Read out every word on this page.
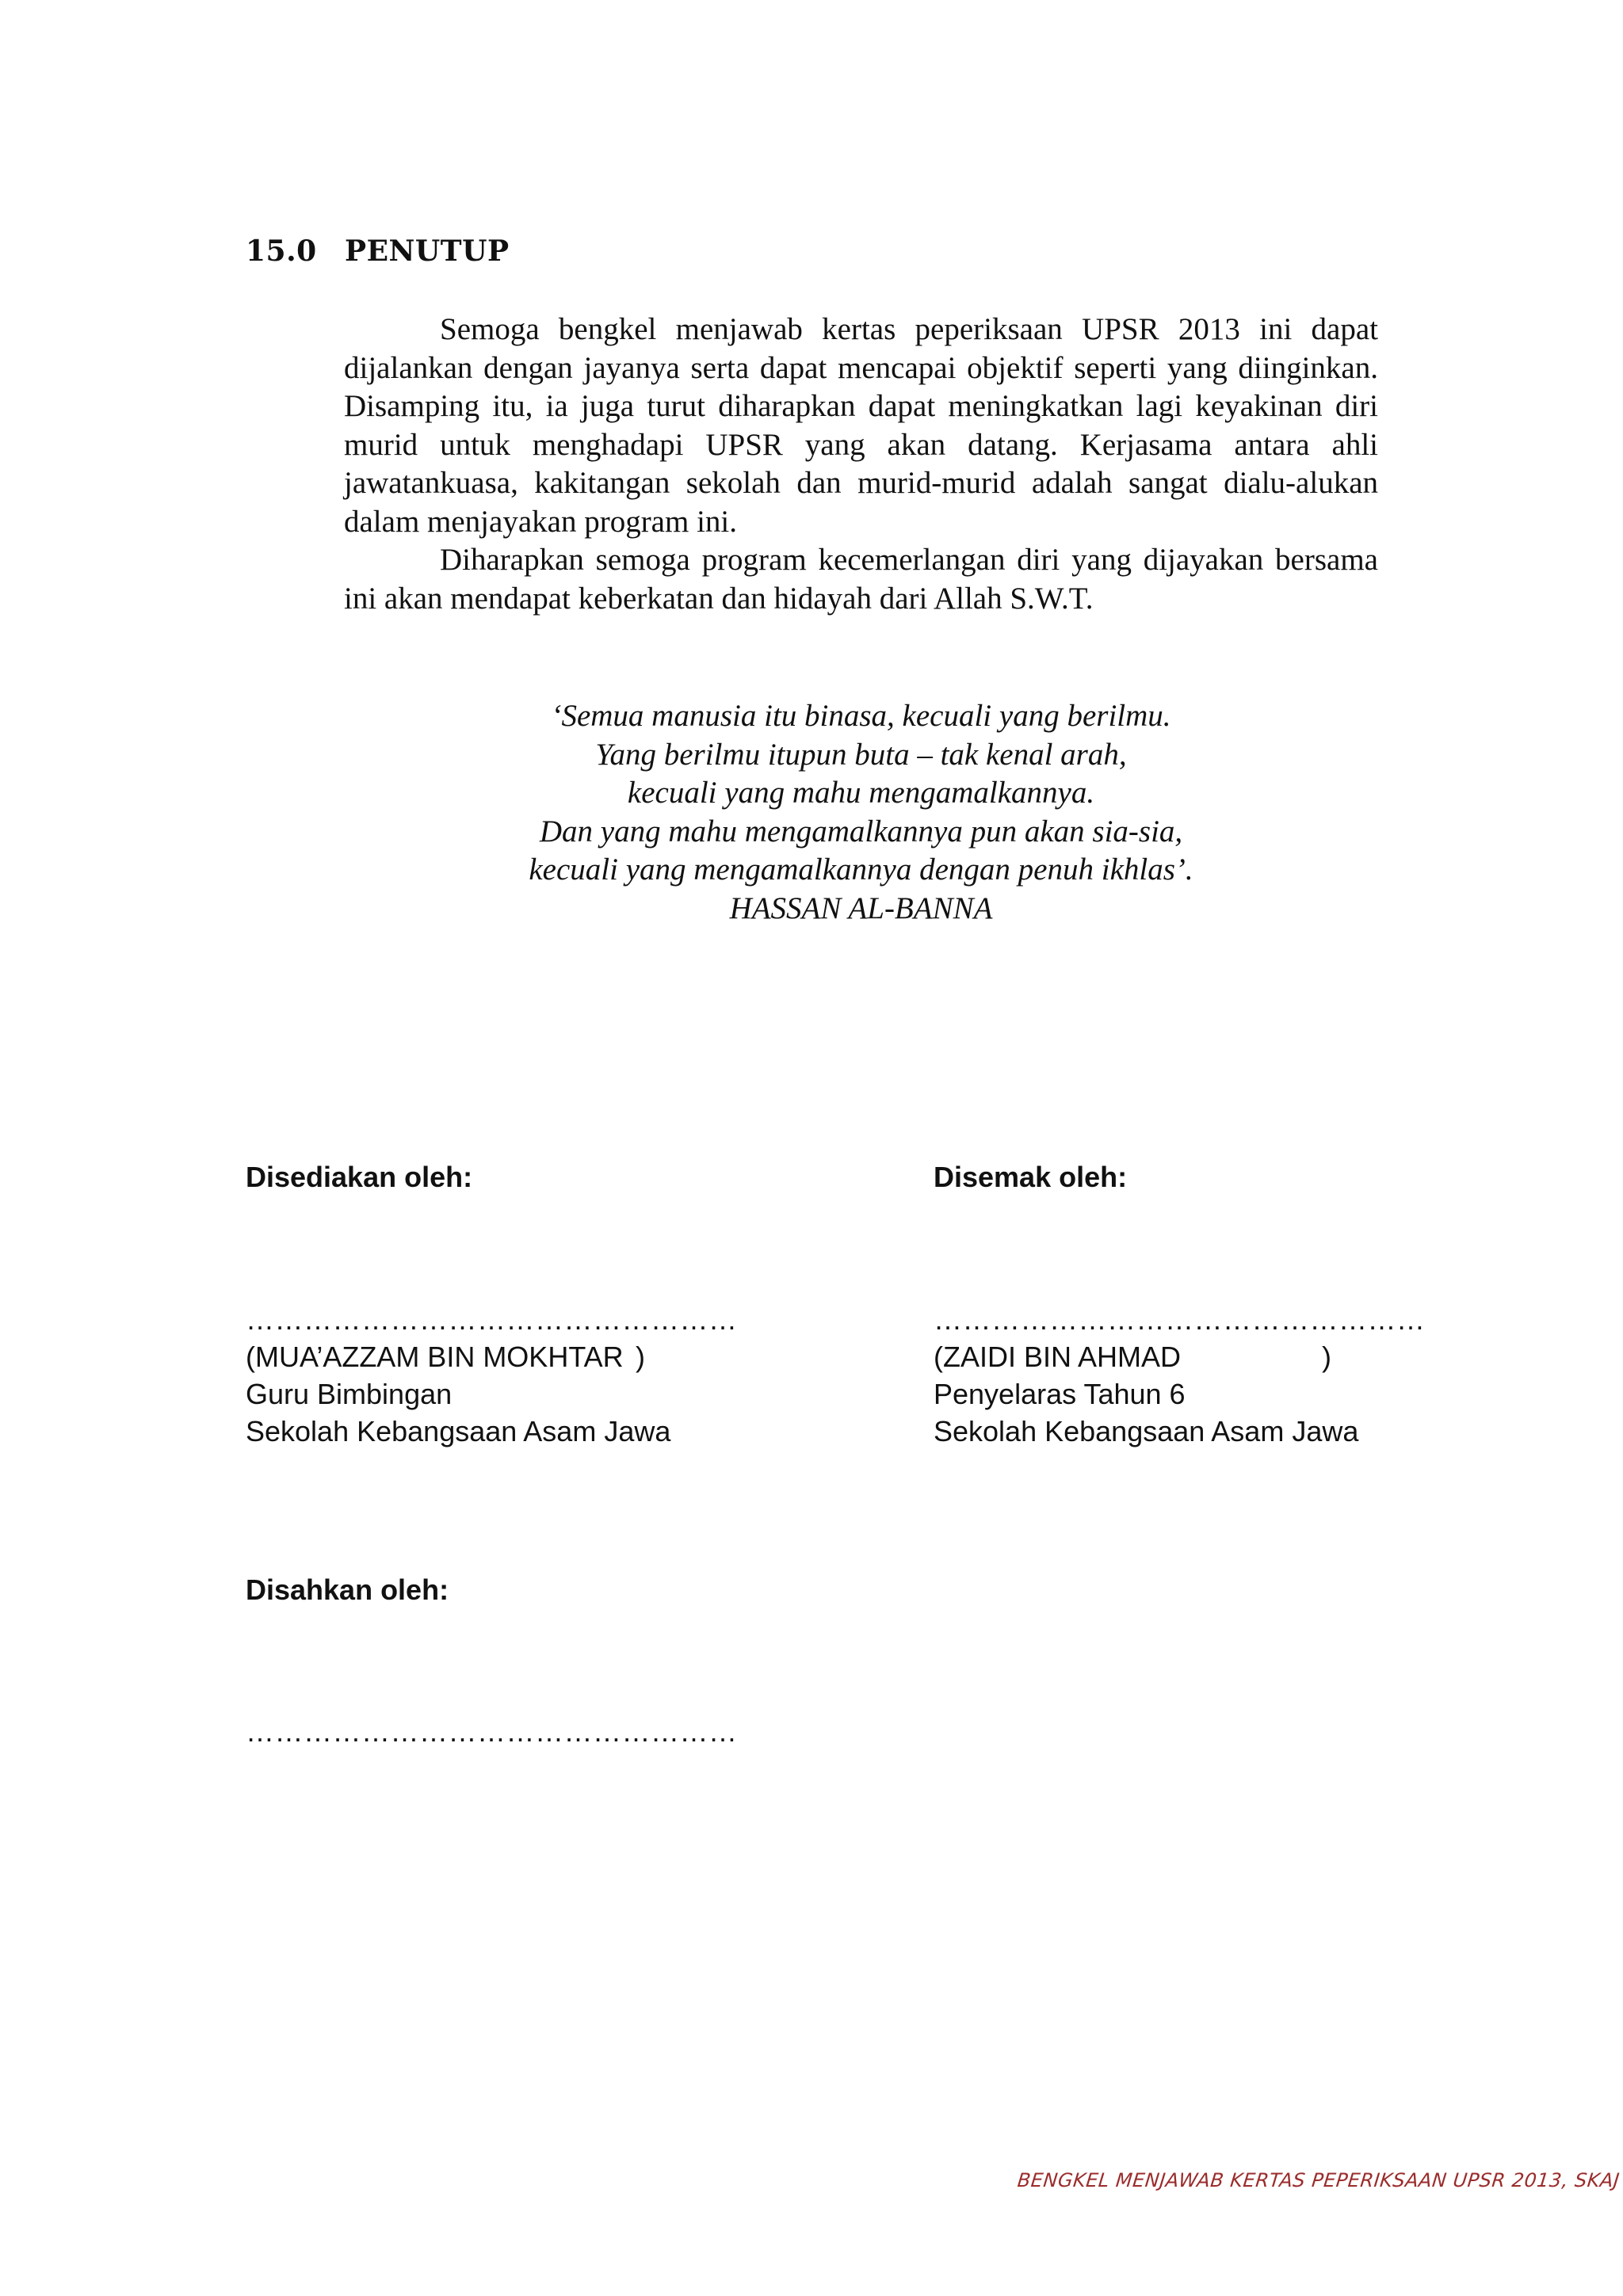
15.0 PENUTUP

Semoga bengkel menjawab kertas peperiksaan UPSR 2013 ini dapat dijalankan dengan jayanya serta dapat mencapai objektif seperti yang diinginkan. Disamping itu, ia juga turut diharapkan dapat meningkatkan lagi keyakinan diri murid untuk menghadapi UPSR yang akan datang. Kerjasama antara ahli jawatankuasa, kakitangan sekolah dan murid-murid adalah sangat dialu-alukan dalam menjayakan program ini.

Diharapkan semoga program kecemerlangan diri yang dijayakan bersama ini akan mendapat keberkatan dan hidayah dari Allah S.W.T.

‘Semua manusia itu binasa, kecuali yang berilmu.
Yang berilmu itupun buta – tak kenal arah,
kecuali yang mahu mengamalkannya.
Dan yang mahu mengamalkannya pun akan sia-sia,
kecuali yang mengamalkannya dengan penuh ikhlas’.
HASSAN AL-BANNA
Disediakan oleh:
……………………………………………
(MUA’AZZAM BIN MOKHTAR )
Guru Bimbingan
Sekolah Kebangsaan Asam Jawa
Disemak oleh:
……………………………………………
(ZAIDI BIN AHMAD	)
Penyelaras Tahun 6
Sekolah Kebangsaan Asam Jawa
Disahkan oleh:
……………………………………………
BENGKEL MENJAWAB KERTAS PEPERIKSAAN UPSR 2013, SKAJ
